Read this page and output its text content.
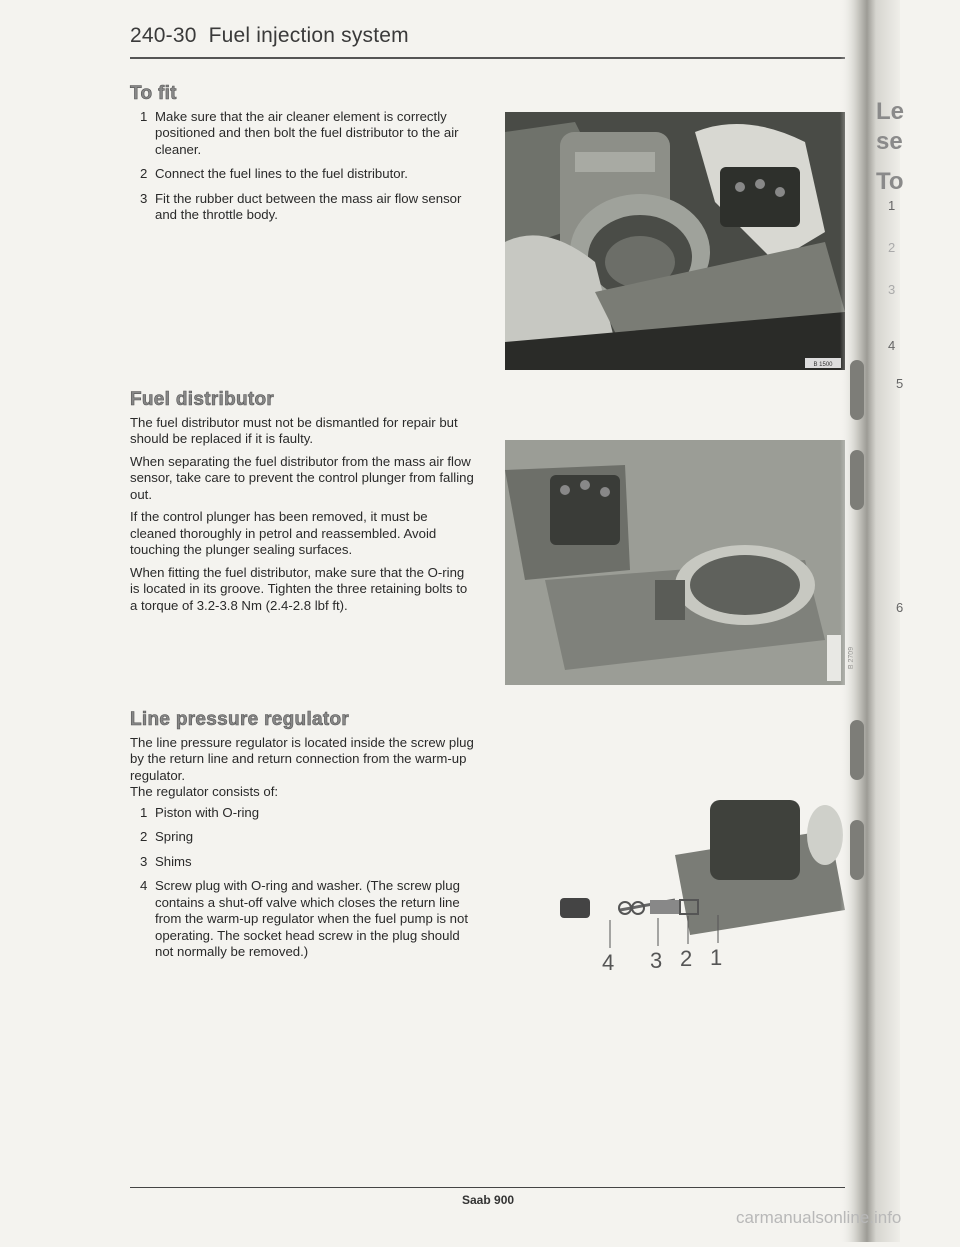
240-30 Fuel injection system
To fit
1 Make sure that the air cleaner element is correctly positioned and then bolt the fuel distributor to the air cleaner.
2 Connect the fuel lines to the fuel distributor.
3 Fit the rubber duct between the mass air flow sensor and the throttle body.
Fuel distributor

The fuel distributor must not be dismantled for repair but should be replaced if it is faulty.

When separating the fuel distributor from the mass air flow sensor, take care to prevent the control plunger from falling out.

If the control plunger has been removed, it must be cleaned thoroughly in petrol and reassembled. Avoid touching the plunger sealing surfaces.

When fitting the fuel distributor, make sure that the O-ring is located in its groove. Tighten the three retaining bolts to a torque of 3.2-3.8 Nm (2.4-2.8 lbf ft).

Line pressure regulator

The line pressure regulator is located inside the screw plug by the return line and return connection from the warm-up regulator.

The regulator consists of:

1 Piston with O-ring
2 Spring
3 Shims
4 Screw plug with O-ring and washer. (The screw plug contains a shut-off valve which closes the return line from the warm-up regulator when the fuel pump is not operating. The socket head screw in the plug should not normally be removed.)
B 1500
4 3 2 1
Le
se
To
1
2
3
4
5
6
Saab 900
carmanualsonline.info
